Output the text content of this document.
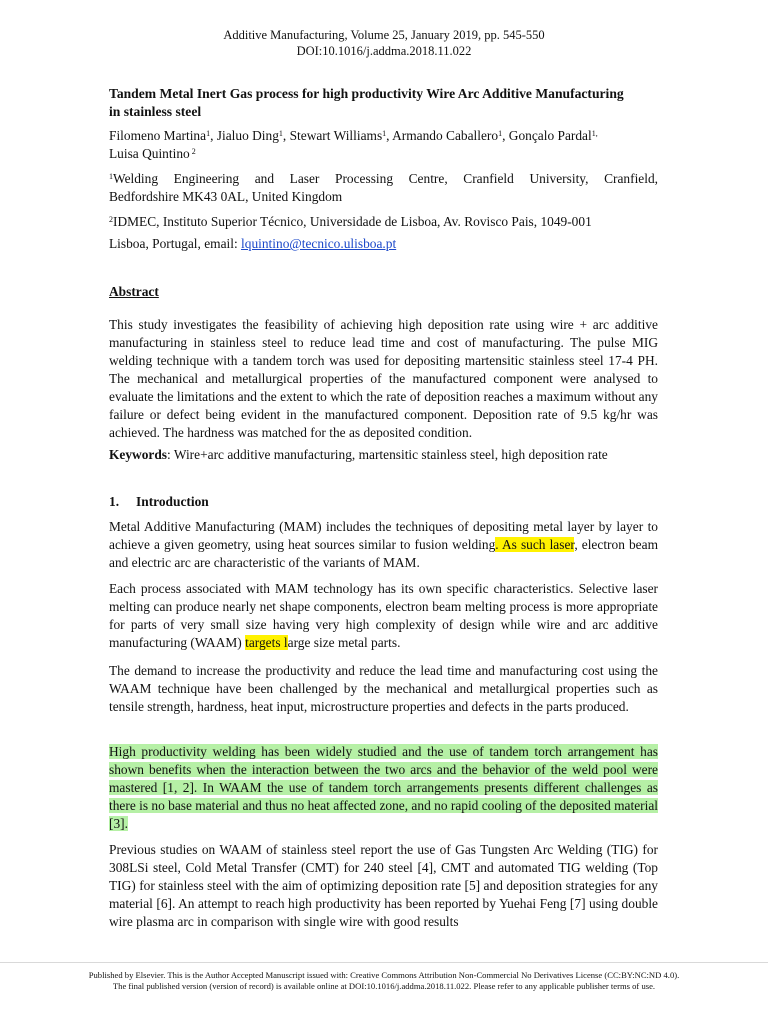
Additive Manufacturing, Volume 25, January 2019, pp. 545-550
DOI:10.1016/j.addma.2018.11.022
Tandem Metal Inert Gas process for high productivity Wire Arc Additive Manufacturing
in stainless steel
Filomeno Martina$^1$, Jialuo Ding$^1$, Stewart Williams$^1$, Armando Caballero$^1$, Gonçalo Pardal$^{1,}$
Luisa Quintino $^2$
$^1$Welding Engineering and Laser Processing Centre, Cranfield University, Cranfield,
Bedfordshire MK43 0AL, United Kingdom
$^2$IDMEC, Instituto Superior Técnico, Universidade de Lisboa, Av. Rovisco Pais, 1049-001
Lisboa, Portugal, email: lquintino@tecnico.ulisboa.pt
Abstract
This study investigates the feasibility of achieving high deposition rate using wire + arc additive manufacturing in stainless steel to reduce lead time and cost of manufacturing. The pulse MIG welding technique with a tandem torch was used for depositing martensitic stainless steel 17-4 PH. The mechanical and metallurgical properties of the manufactured component were analysed to evaluate the limitations and the extent to which the rate of deposition reaches a maximum without any failure or defect being evident in the manufactured component. Deposition rate of 9.5 kg/hr was achieved. The hardness was matched for the as deposited condition.
Keywords: Wire+arc additive manufacturing, martensitic stainless steel, high deposition rate
1. Introduction
Metal Additive Manufacturing (MAM) includes the techniques of depositing metal layer by layer to achieve a given geometry, using heat sources similar to fusion welding. As such laser, electron beam and electric arc are characteristic of the variants of MAM.
Each process associated with MAM technology has its own specific characteristics. Selective laser melting can produce nearly net shape components, electron beam melting process is more appropriate for parts of very small size having very high complexity of design while wire and arc additive manufacturing (WAAM) targets large size metal parts.
The demand to increase the productivity and reduce the lead time and manufacturing cost using the WAAM technique have been challenged by the mechanical and metallurgical properties such as tensile strength, hardness, heat input, microstructure properties and defects in the parts produced.
High productivity welding has been widely studied and the use of tandem torch arrangement has shown benefits when the interaction between the two arcs and the behavior of the weld pool were mastered [1, 2]. In WAAM the use of tandem torch arrangements presents different challenges as there is no base material and thus no heat affected zone, and no rapid cooling of the deposited material [3].
Previous studies on WAAM of stainless steel report the use of Gas Tungsten Arc Welding (TIG) for 308LSi steel, Cold Metal Transfer (CMT) for 240 steel [4], CMT and automated TIG welding (Top TIG) for stainless steel with the aim of optimizing deposition rate [5] and deposition strategies for any material [6]. An attempt to reach high productivity has been reported by Yuehai Feng [7] using double wire plasma arc in comparison with single wire with good results
Published by Elsevier. This is the Author Accepted Manuscript issued with: Creative Commons Attribution Non-Commercial No Derivatives License (CC:BY:NC:ND 4.0).
The final published version (version of record) is available online at DOI:10.1016/j.addma.2018.11.022. Please refer to any applicable publisher terms of use.
